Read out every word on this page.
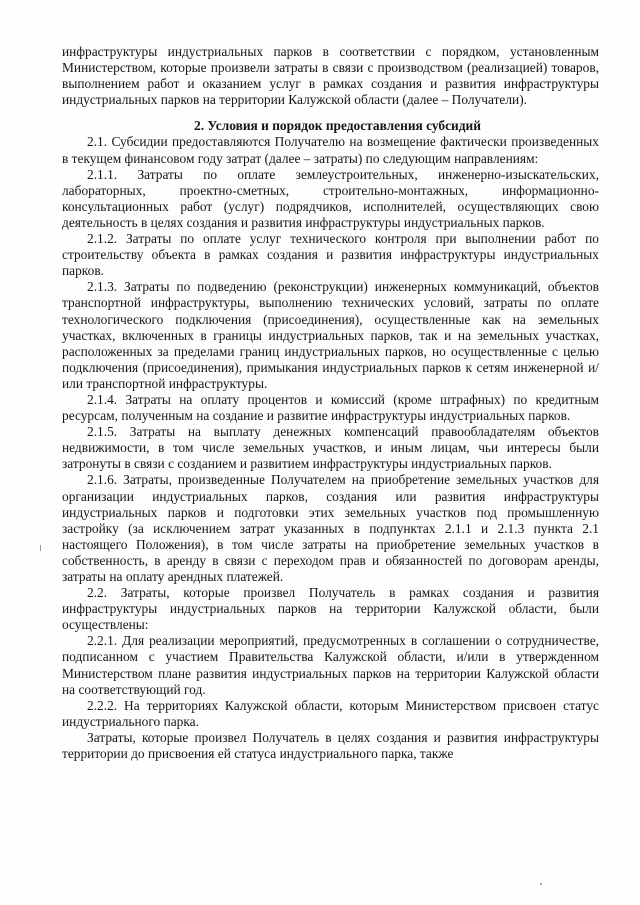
инфраструктуры индустриальных парков в соответствии с порядком, установленным Министерством, которые произвели затраты в связи с производством (реализацией) товаров, выполнением работ и оказанием услуг в рамках создания и развития инфраструктуры индустриальных парков на территории Калужской области (далее – Получатели).

2. Условия и порядок предоставления субсидий

2.1. Субсидии предоставляются Получателю на возмещение фактически произведенных в текущем финансовом году затрат (далее – затраты) по следующим направлениям:

2.1.1. Затраты по оплате землеустроительных, инженерно-изыскательских, лабораторных, проектно-сметных, строительно-монтажных, информационно-консультационных работ (услуг) подрядчиков, исполнителей, осуществляющих свою деятельность в целях создания и развития инфраструктуры индустриальных парков.

2.1.2. Затраты по оплате услуг технического контроля при выполнении работ по строительству объекта в рамках создания и развития инфраструктуры индустриальных парков.

2.1.3. Затраты по подведению (реконструкции) инженерных коммуникаций, объектов транспортной инфраструктуры, выполнению технических условий, затраты по оплате технологического подключения (присоединения), осуществленные как на земельных участках, включенных в границы индустриальных парков, так и на земельных участках, расположенных за пределами границ индустриальных парков, но осуществленные с целью подключения (присоединения), примыкания индустриальных парков к сетям инженерной и/или транспортной инфраструктуры.

2.1.4. Затраты на оплату процентов и комиссий (кроме штрафных) по кредитным ресурсам, полученным на создание и развитие инфраструктуры индустриальных парков.

2.1.5. Затраты на выплату денежных компенсаций правообладателям объектов недвижимости, в том числе земельных участков, и иным лицам, чьи интересы были затронуты в связи с созданием и развитием инфраструктуры индустриальных парков.

2.1.6. Затраты, произведенные Получателем на приобретение земельных участков для организации индустриальных парков, создания или развития инфраструктуры индустриальных парков и подготовки этих земельных участков под промышленную застройку (за исключением затрат указанных в подпунктах 2.1.1 и 2.1.3 пункта 2.1 настоящего Положения), в том числе затраты на приобретение земельных участков в собственность, в аренду в связи с переходом прав и обязанностей по договорам аренды, затраты на оплату арендных платежей.

2.2. Затраты, которые произвел Получатель в рамках создания и развития инфраструктуры индустриальных парков на территории Калужской области, были осуществлены:

2.2.1. Для реализации мероприятий, предусмотренных в соглашении о сотрудничестве, подписанном с участием Правительства Калужской области, и/или в утвержденном Министерством плане развития индустриальных парков на территории Калужской области на соответствующий год.

2.2.2. На территориях Калужской области, которым Министерством присвоен статус индустриального парка.

Затраты, которые произвел Получатель в целях создания и развития инфраструктуры территории до присвоения ей статуса индустриального парка, также
